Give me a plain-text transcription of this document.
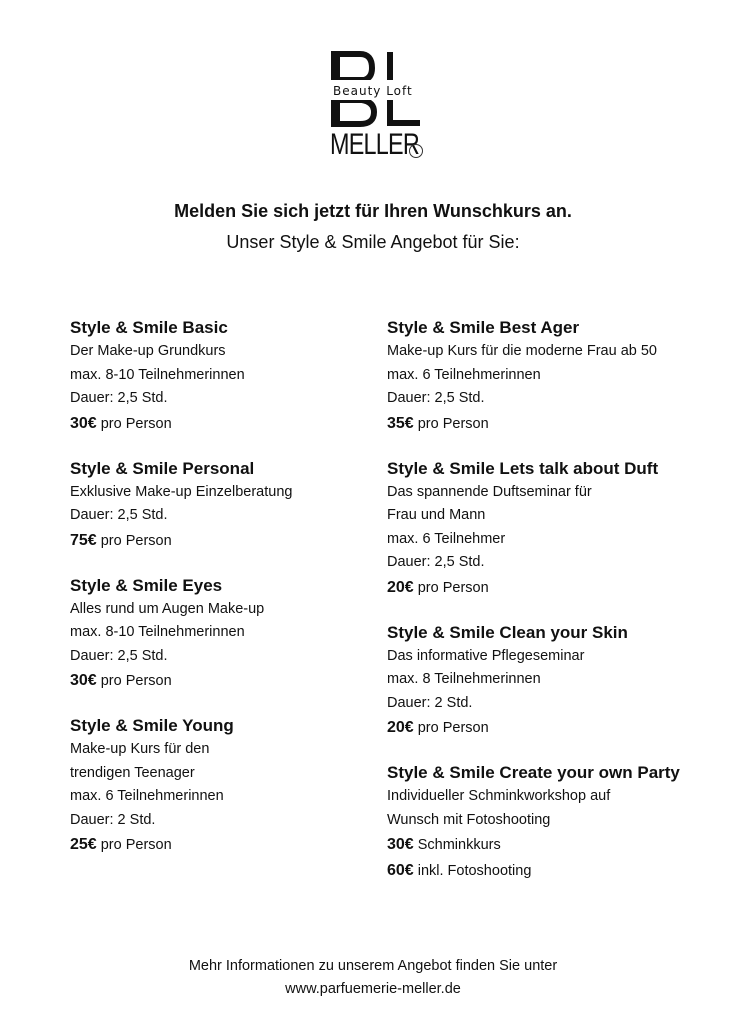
Beauty Loft
MELLER
Melden Sie sich jetzt für Ihren Wunschkurs an.
Unser Style & Smile Angebot für Sie:
Style & Smile Basic
Der Make-up Grundkurs
max. 8-10 Teilnehmerinnen
Dauer: 2,5 Std.
30€ pro Person
Style & Smile Personal
Exklusive Make-up Einzelberatung
Dauer: 2,5 Std.
75€ pro Person
Style & Smile Eyes
Alles rund um Augen Make-up
max. 8-10 Teilnehmerinnen
Dauer: 2,5 Std.
30€ pro Person
Style & Smile Young
Make-up Kurs für den
trendigen Teenager
max. 6 Teilnehmerinnen
Dauer: 2 Std.
25€ pro Person
Style & Smile Best Ager
Make-up Kurs für die moderne Frau ab 50
max. 6 Teilnehmerinnen
Dauer: 2,5 Std.
35€ pro Person
Style & Smile Lets talk about Duft
Das spannende Duftseminar für
Frau und Mann
max. 6 Teilnehmer
Dauer: 2,5 Std.
20€ pro Person
Style & Smile Clean your Skin
Das informative Pflegeseminar
max. 8 Teilnehmerinnen
Dauer: 2 Std.
20€ pro Person
Style & Smile Create your own Party
Individueller Schminkworkshop auf
Wunsch mit Fotoshooting
30€ Schminkkurs
60€ inkl. Fotoshooting
Mehr Informationen zu unserem Angebot finden Sie unter
www.parfuemerie-meller.de
